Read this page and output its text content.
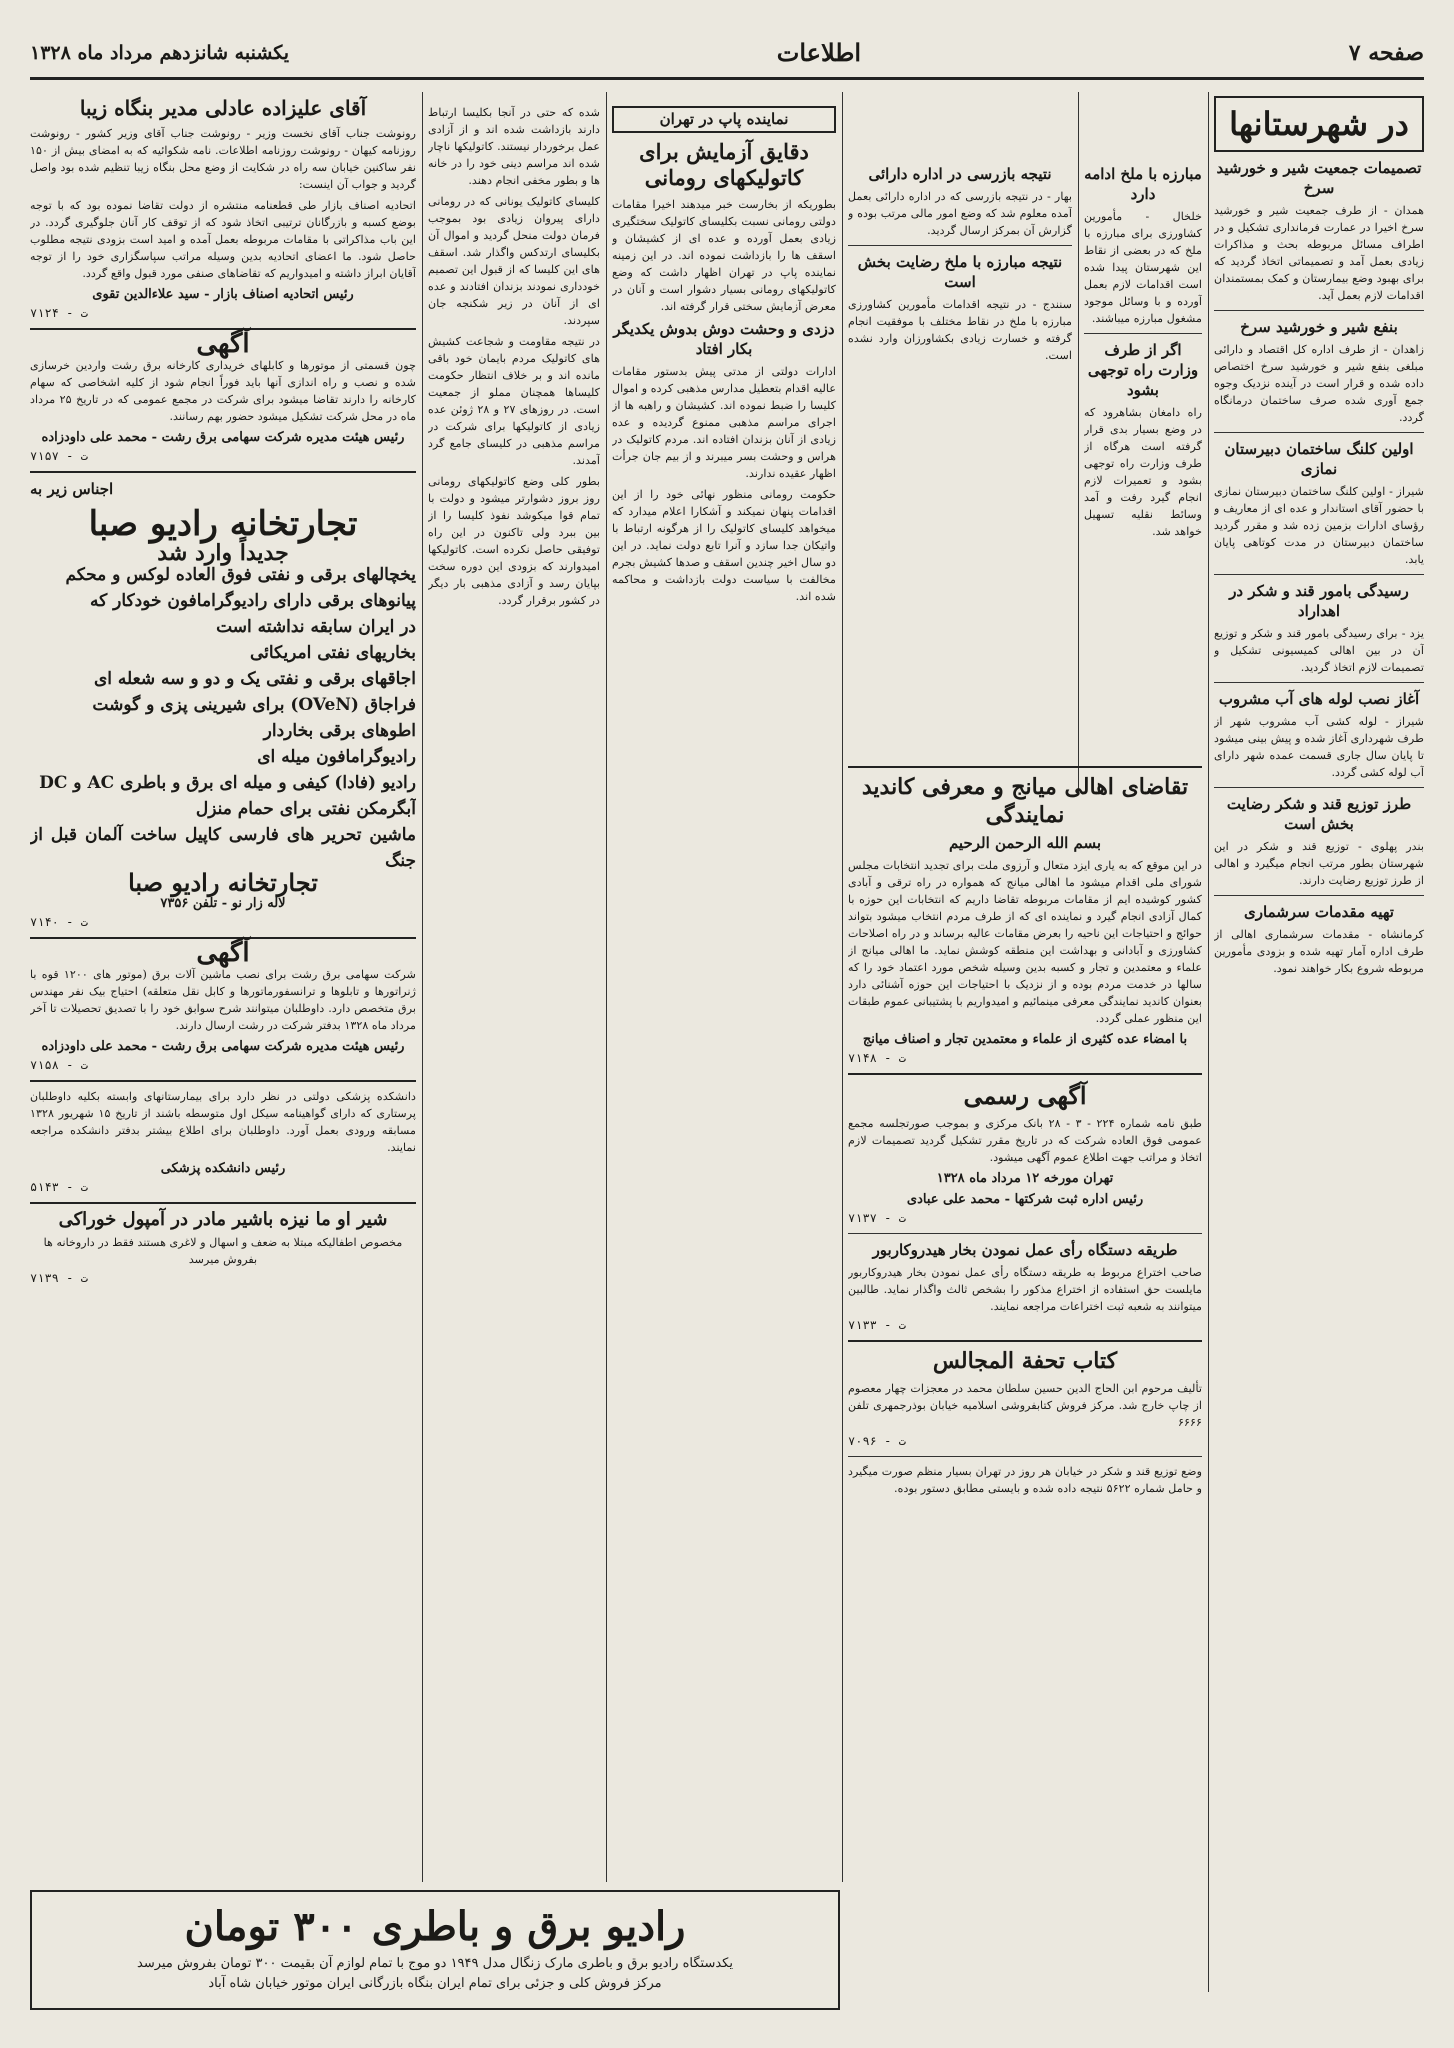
صفحه ۷
اطلاعات
یکشنبه شانزدهم مرداد ماه ۱۳۲۸
در شهرستانها
تصمیمات جمعیت شیر و خورشید سرخ
همدان - از طرف جمعیت شیر و خورشید سرخ اخیرا در عمارت فرمانداری تشکیل و در اطراف مسائل مربوطه بحث و مذاکرات زیادی بعمل آمد و تصمیماتی اتخاذ گردید که برای بهبود وضع بیمارستان و کمک بمستمندان اقدامات لازم بعمل آید.
بنفع شیر و خورشید سرخ
زاهدان - از طرف اداره کل اقتصاد و دارائی مبلغی بنفع شیر و خورشید سرخ اختصاص داده شده و قرار است در آینده نزدیک وجوه جمع آوری شده صرف ساختمان درمانگاه گردد.
اولین کلنگ ساختمان دبیرستان نمازی
شیراز - اولین کلنگ ساختمان دبیرستان نمازی با حضور آقای استاندار و عده ای از معاریف و رؤسای ادارات بزمین زده شد و مقرر گردید ساختمان دبیرستان در مدت کوتاهی پایان یابد.
رسیدگی بامور قند و شکر در اهداراد
یزد - برای رسیدگی بامور قند و شکر و توزیع آن در بین اهالی کمیسیونی تشکیل و تصمیمات لازم اتخاذ گردید.
آغاز نصب لوله های آب مشروب
شیراز - لوله کشی آب مشروب شهر از طرف شهرداری آغاز شده و پیش بینی میشود تا پایان سال جاری قسمت عمده شهر دارای آب لوله کشی گردد.
طرز توزیع قند و شکر رضایت بخش است
بندر پهلوی - توزیع قند و شکر در این شهرستان بطور مرتب انجام میگیرد و اهالی از طرز توزیع رضایت دارند.
تهیه مقدمات سرشماری
کرمانشاه - مقدمات سرشماری اهالی از طرف اداره آمار تهیه شده و بزودی مأمورین مربوطه شروع بکار خواهند نمود.
مبارزه با ملخ ادامه دارد
خلخال - مأمورین کشاورزی برای مبارزه با ملخ که در بعضی از نقاط این شهرستان پیدا شده است اقدامات لازم بعمل آورده و با وسائل موجود مشغول مبارزه میباشند.
اگر از طرف وزارت راه توجهی بشود
راه دامغان بشاهرود که در وضع بسیار بدی قرار گرفته است هرگاه از طرف وزارت راه توجهی بشود و تعمیرات لازم انجام گیرد رفت و آمد وسائط نقلیه تسهیل خواهد شد.
نتیجه بازرسی در اداره دارائی
بهار - در نتیجه بازرسی که در اداره دارائی بعمل آمده معلوم شد که وضع امور مالی مرتب بوده و گزارش آن بمرکز ارسال گردید.
نتیجه مبارزه با ملخ رضایت بخش است
سنندج - در نتیجه اقدامات مأمورین کشاورزی مبارزه با ملخ در نقاط مختلف با موفقیت انجام گرفته و خسارت زیادی بکشاورزان وارد نشده است.
تقاضای اهالی میانج و معرفی کاندید نمایندگی
بسم الله الرحمن الرحیم
در این موقع که به یاری ایزد متعال و آرزوی ملت برای تجدید انتخابات مجلس شورای ملی اقدام میشود ما اهالی میانج که همواره در راه ترقی و آبادی کشور کوشیده ایم از مقامات مربوطه تقاضا داریم که انتخابات این حوزه با کمال آزادی انجام گیرد و نماینده ای که از طرف مردم انتخاب میشود بتواند حوائج و احتیاجات این ناحیه را بعرض مقامات عالیه برساند و در راه اصلاحات کشاورزی و آبادانی و بهداشت این منطقه کوشش نماید. ما اهالی میانج از علماء و معتمدین و تجار و کسبه بدین وسیله شخص مورد اعتماد خود را که سالها در خدمت مردم بوده و از نزدیک با احتیاجات این حوزه آشنائی دارد بعنوان کاندید نمایندگی معرفی مینمائیم و امیدواریم با پشتیبانی عموم طبقات این منظور عملی گردد.
با امضاء عده کثیری از علماء و معتمدین تجار و اصناف میانج
ت - ۷۱۴۸
آگهی رسمی
طبق نامه شماره ۲۲۴ - ۳ - ۲۸ بانک مرکزی و بموجب صورتجلسه مجمع عمومی فوق العاده شرکت که در تاریخ مقرر تشکیل گردید تصمیمات لازم اتخاذ و مراتب جهت اطلاع عموم آگهی میشود.
تهران مورخه ۱۲ مرداد ماه ۱۳۲۸
رئیس اداره ثبت شرکتها - محمد علی عبادی
ت - ۷۱۳۷
طریقه دستگاه رأی عمل نمودن بخار هیدروکاربور
صاحب اختراع مربوط به طریقه دستگاه رأی عمل نمودن بخار هیدروکاربور مایلست حق استفاده از اختراع مذکور را بشخص ثالث واگذار نماید. طالبین میتوانند به شعبه ثبت اختراعات مراجعه نمایند.
ت - ۷۱۳۳
کتاب تحفة المجالس
تألیف مرحوم ابن الحاج الدین حسین سلطان محمد در معجزات چهار معصوم از چاپ خارج شد. مرکز فروش کتابفروشی اسلامیه خیابان بوذرجمهری تلفن ۶۶۶۶
ت - ۷۰۹۶
وضع توزیع قند و شکر در خیابان هر روز در تهران بسیار منظم صورت میگیرد و حامل شماره ۵۶۲۲ نتیجه داده شده و بایستی مطابق دستور بوده.
نماینده پاپ در تهران
دقایق آزمایش برای کاتولیکهای رومانی
بطوریکه از بخارست خبر میدهند اخیرا مقامات دولتی رومانی نسبت بکلیسای کاتولیک سختگیری زیادی بعمل آورده و عده ای از کشیشان و اسقف ها را بازداشت نموده اند. در این زمینه نماینده پاپ در تهران اظهار داشت که وضع کاتولیکهای رومانی بسیار دشوار است و آنان در معرض آزمایش سختی قرار گرفته اند.
دزدی و وحشت دوش بدوش یکدیگر بکار افتاد
ادارات دولتی از مدتی پیش بدستور مقامات عالیه اقدام بتعطیل مدارس مذهبی کرده و اموال کلیسا را ضبط نموده اند. کشیشان و راهبه ها از اجرای مراسم مذهبی ممنوع گردیده و عده زیادی از آنان بزندان افتاده اند. مردم کاتولیک در هراس و وحشت بسر میبرند و از بیم جان جرأت اظهار عقیده ندارند.
حکومت رومانی منظور نهائی خود را از این اقدامات پنهان نمیکند و آشکارا اعلام میدارد که میخواهد کلیسای کاتولیک را از هرگونه ارتباط با واتیکان جدا سازد و آنرا تابع دولت نماید. در این دو سال اخیر چندین اسقف و صدها کشیش بجرم مخالفت با سیاست دولت بازداشت و محاکمه شده اند.
شده که حتی در آنجا بکلیسا ارتباط دارند بازداشت شده اند و از آزادی عمل برخوردار نیستند. کاتولیکها ناچار شده اند مراسم دینی خود را در خانه ها و بطور مخفی انجام دهند.
کلیسای کاتولیک یونانی که در رومانی دارای پیروان زیادی بود بموجب فرمان دولت منحل گردید و اموال آن بکلیسای ارتدکس واگذار شد. اسقف های این کلیسا که از قبول این تصمیم خودداری نمودند بزندان افتادند و عده ای از آنان در زیر شکنجه جان سپردند.
در نتیجه مقاومت و شجاعت کشیش های کاتولیک مردم بایمان خود باقی مانده اند و بر خلاف انتظار حکومت کلیساها همچنان مملو از جمعیت است. در روزهای ۲۷ و ۲۸ ژوئن عده زیادی از کاتولیکها برای شرکت در مراسم مذهبی در کلیسای جامع گرد آمدند.
بطور کلی وضع کاتولیکهای رومانی روز بروز دشوارتر میشود و دولت با تمام قوا میکوشد نفوذ کلیسا را از بین ببرد ولی تاکنون در این راه توفیقی حاصل نکرده است. کاتولیکها امیدوارند که بزودی این دوره سخت بپایان رسد و آزادی مذهبی بار دیگر در کشور برقرار گردد.
آقای علیزاده عادلی مدیر بنگاه زیبا
رونوشت جناب آقای نخست وزیر - رونوشت جناب آقای وزیر کشور - رونوشت روزنامه کیهان - رونوشت روزنامه اطلاعات. نامه شکوائیه که به امضای بیش از ۱۵۰ نفر ساکنین خیابان سه راه در شکایت از وضع محل بنگاه زیبا تنظیم شده بود واصل گردید و جواب آن اینست:
اتحادیه اصناف بازار طی قطعنامه منتشره از دولت تقاضا نموده بود که با توجه بوضع کسبه و بازرگانان ترتیبی اتخاذ شود که از توقف کار آنان جلوگیری گردد. در این باب مذاکراتی با مقامات مربوطه بعمل آمده و امید است بزودی نتیجه مطلوب حاصل شود. ما اعضای اتحادیه بدین وسیله مراتب سپاسگزاری خود را از توجه آقایان ابراز داشته و امیدواریم که تقاضاهای صنفی مورد قبول واقع گردد.
رئیس اتحادیه اصناف بازار - سید علاءالدین تقوی
ت - ۷۱۲۴
آگهی
چون قسمتی از موتورها و کابلهای خریداری کارخانه برق رشت واردین خرسازی شده و نصب و راه اندازی آنها باید فوراً انجام شود از کلیه اشخاصی که سهام کارخانه را دارند تقاضا میشود برای شرکت در مجمع عمومی که در تاریخ ۲۵ مرداد ماه در محل شرکت تشکیل میشود حضور بهم رسانند.
رئیس هیئت مدیره شرکت سهامی برق رشت - محمد علی داودزاده
ت - ۷۱۵۷
اجناس زیر به
تجارتخانه رادیو صبا
جدیداً وارد شد
یخچالهای برقی و نفتی فوق العاده لوکس و محکم
پیانوهای برقی دارای رادیوگرامافون خودکار که
در ایران سابقه نداشته است
بخاریهای نفتی امریکائی
اجاقهای برقی و نفتی یک و دو و سه شعله ای
فراجاق (OVeN) برای شیرینی پزی و گوشت
اطوهای برقی بخاردار
رادیوگرامافون میله ای
رادیو (فادا) کیفی و میله ای برق و باطری AC و DC
آبگرمکن نفتی برای حمام منزل
ماشین تحریر های فارسی کاپیل ساخت آلمان قبل از جنگ
تجارتخانه رادیو صبا
لاله زار نو - تلفن ۷۳۵۶
ت - ۷۱۴۰
آگهی
شرکت سهامی برق رشت برای نصب ماشین آلات برق (موتور های ۱۲۰۰ قوه با ژنراتورها و تابلوها و ترانسفورماتورها و کابل نقل متعلقه) احتیاج بیک نفر مهندس برق متخصص دارد. داوطلبان میتوانند شرح سوابق خود را با تصدیق تحصیلات تا آخر مرداد ماه ۱۳۲۸ بدفتر شرکت در رشت ارسال دارند.
رئیس هیئت مدیره شرکت سهامی برق رشت - محمد علی داودزاده
ت - ۷۱۵۸
دانشکده پزشکی دولتی در نظر دارد برای بیمارستانهای وابسته بکلیه داوطلبان پرستاری که دارای گواهینامه سیکل اول متوسطه باشند از تاریخ ۱۵ شهریور ۱۳۲۸ مسابقه ورودی بعمل آورد. داوطلبان برای اطلاع بیشتر بدفتر دانشکده مراجعه نمایند.
رئیس دانشکده پزشکی
ت - ۵۱۴۳
شیر او ما نیزه باشیر مادر در آمپول خوراکی
مخصوص اطفالیکه مبتلا به ضعف و اسهال و لاغری هستند فقط در داروخانه ها بفروش میرسد
ت - ۷۱۳۹
رادیو برق و باطری ۳۰۰ تومان
یکدستگاه رادیو برق و باطری مارک زنگال مدل ۱۹۴۹ دو موج با تمام لوازم آن بقیمت ۳۰۰ تومان بفروش میرسد
مرکز فروش کلی و جزئی برای تمام ایران بنگاه بازرگانی ایران موتور خیابان شاه آباد
